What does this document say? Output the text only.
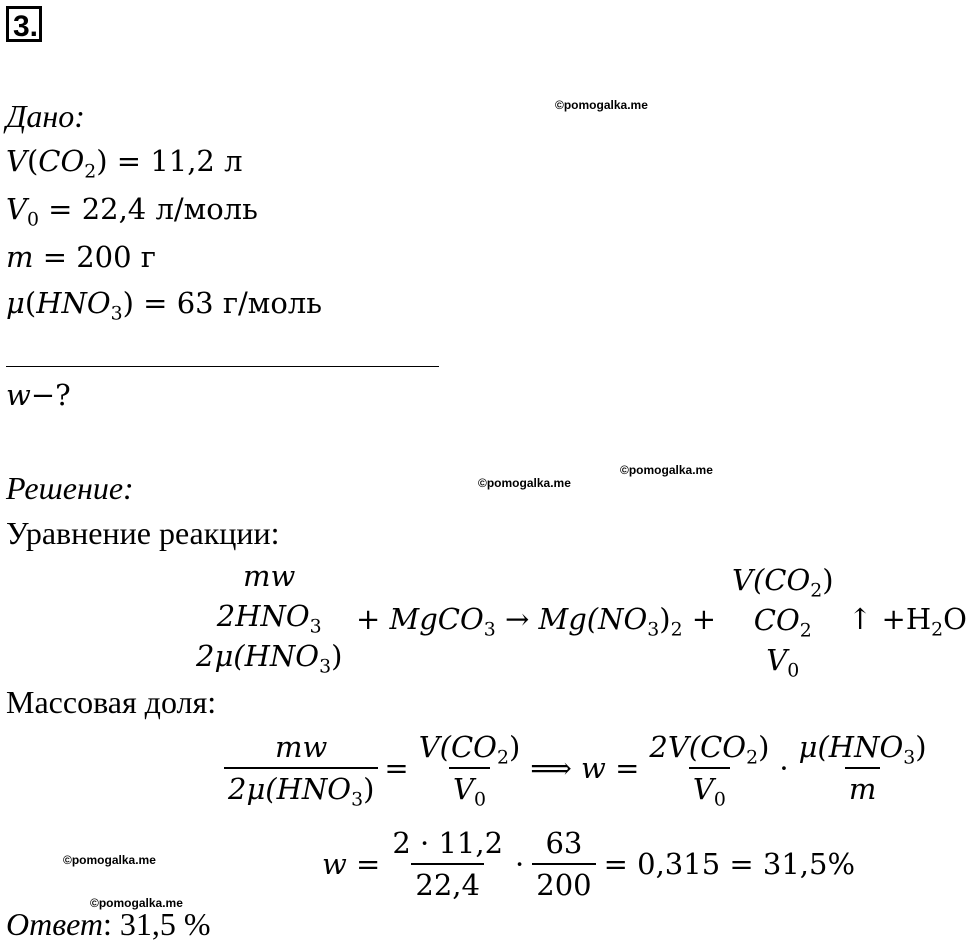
3.
©pomogalka.me
©pomogalka.me
©pomogalka.me
©pomogalka.me
©pomogalka.me
Дано:
$V(CO_2) = 11,2$ л
$V_0 = 22,4$ л/моль
m = 200 г
$\mu(HNO_3) = 63$ г/моль
w−?
Решение:
Уравнение реакции:
mw
$2HNO_3$
$2\mu(HNO_3)$
+ MgCO$_3$ → $Mg(NO_3)_2$ +
$V(CO_2)$
$CO_2$
$V_0$
↑ $+H_2O$
Массовая доля:
$\frac{mw}{2\mu(HNO_3)} = \frac{V(CO_2)}{V_0}$ ⟹ $w = \frac{2V(CO_2)}{V_0} \cdot \frac{\mu(HNO_3)}{m}$
$w = \frac{2 \cdot 11,2}{22,4} \cdot \frac{63}{200} = 0,315 = 31,5\%$
Ответ: 31,5 %
